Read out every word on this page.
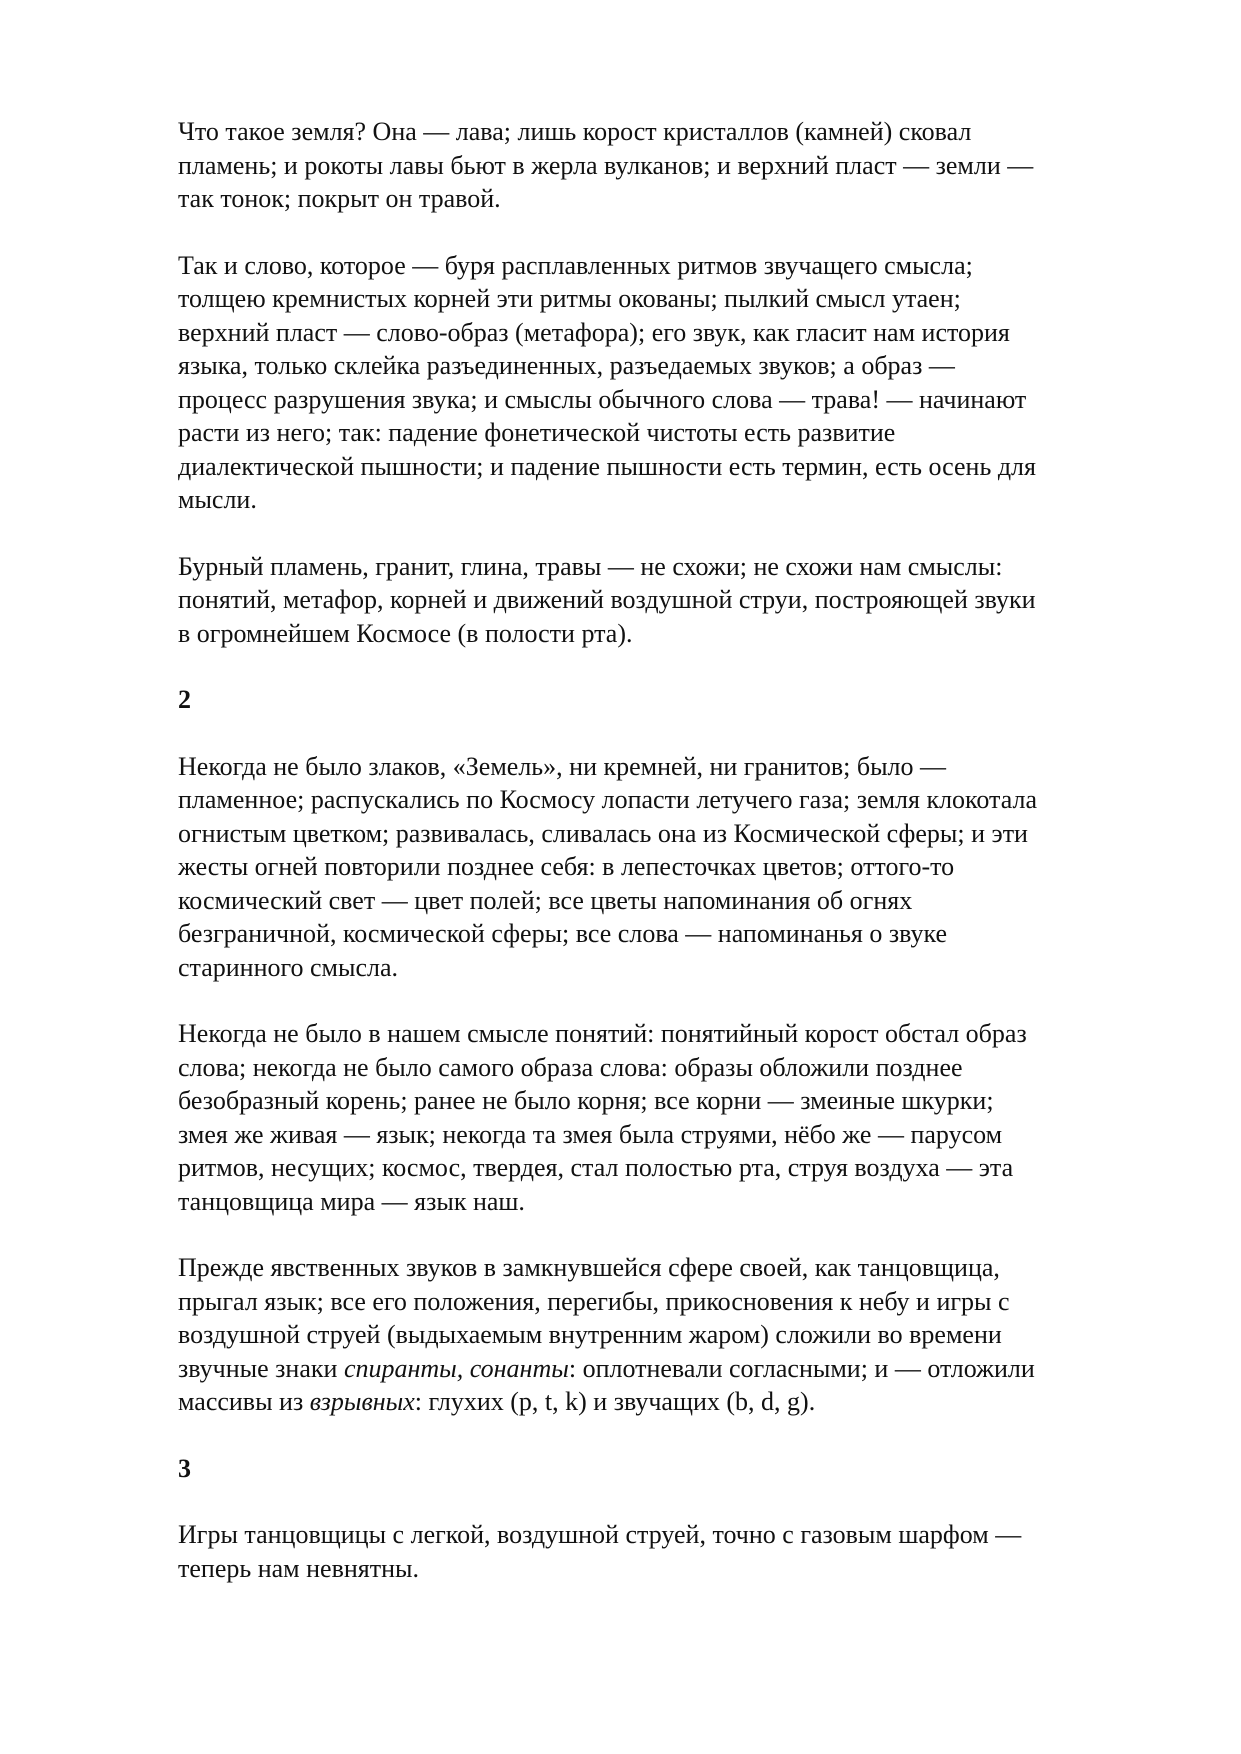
Что такое земля? Она — лава; лишь корост кристаллов (камней) сковал
пламень; и рокоты лавы бьют в жерла вулканов; и верхний пласт — земли —
так тонок; покрыт он травой.

Так и слово, которое — буря расплавленных ритмов звучащего смысла;
толщею кремнистых корней эти ритмы окованы; пылкий смысл утаен;
верхний пласт — слово-образ (метафора); его звук, как гласит нам история
языка, только склейка разъединенных, разъедаемых звуков; а образ —
процесс разрушения звука; и смыслы обычного слова — трава! — начинают
расти из него; так: падение фонетической чистоты есть развитие
диалектической пышности; и падение пышности есть термин, есть осень для
мысли.

Бурный пламень, гранит, глина, травы — не схожи; не схожи нам смыслы:
понятий, метафор, корней и движений воздушной струи, построяющей звуки
в огромнейшем Космосе (в полости рта).

2

Некогда не было злаков, «Земель», ни кремней, ни гранитов; было —
пламенное; распускались по Космосу лопасти летучего газа; земля клокотала
огнистым цветком; развивалась, сливалась она из Космической сферы; и эти
жесты огней повторили позднее себя: в лепесточках цветов; оттого-то
космический свет — цвет полей; все цветы напоминания об огнях
безграничной, космической сферы; все слова — напоминанья о звуке
старинного смысла.

Некогда не было в нашем смысле понятий: понятийный корост обстал образ
слова; некогда не было самого образа слова: образы обложили позднее
безобразный корень; ранее не было корня; все корни — змеиные шкурки;
змея же живая — язык; некогда та змея была струями, нёбо же — парусом
ритмов, несущих; космос, твердея, стал полостью рта, струя воздуха — эта
танцовщица мира — язык наш.

Прежде явственных звуков в замкнувшейся сфере своей, как танцовщица,
прыгал язык; все его положения, перегибы, прикосновения к небу и игры с
воздушной струей (выдыхаемым внутренним жаром) сложили во времени
звучные знаки спиранты, сонанты: оплотневали согласными; и — отложили
массивы из взрывных: глухих (p, t, k) и звучащих (b, d, g).

3

Игры танцовщицы с легкой, воздушной струей, точно с газовым шарфом —
теперь нам невнятны.
